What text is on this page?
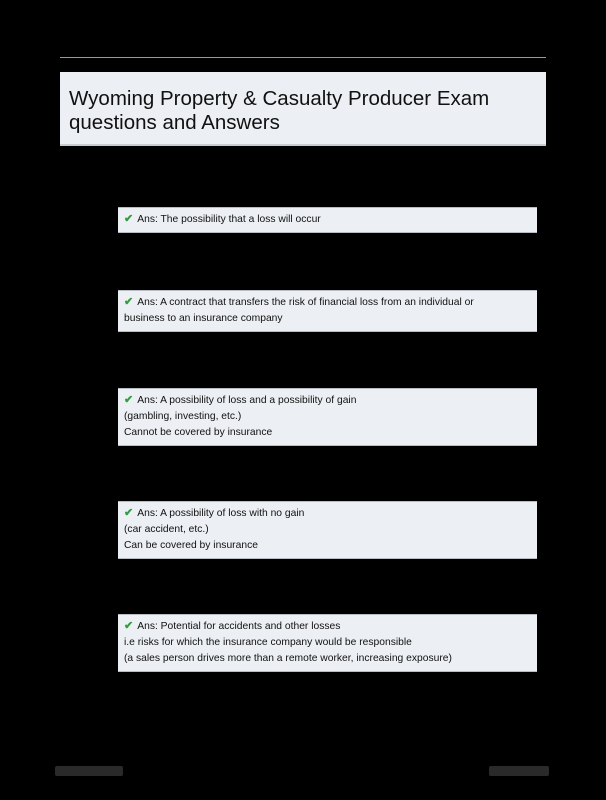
Wyoming Property & Casualty Producer Exam
questions and Answers
✔ Ans: The possibility that a loss will occur
✔ Ans: A contract that transfers the risk of financial loss from an individual or
business to an insurance company
✔ Ans: A possibility of loss and a possibility of gain
(gambling, investing, etc.)
Cannot be covered by insurance
✔ Ans: A possibility of loss with no gain
(car accident, etc.)
Can be covered by insurance
✔ Ans: Potential for accidents and other losses
i.e risks for which the insurance company would be responsible
(a sales person drives more than a remote worker, increasing exposure)
